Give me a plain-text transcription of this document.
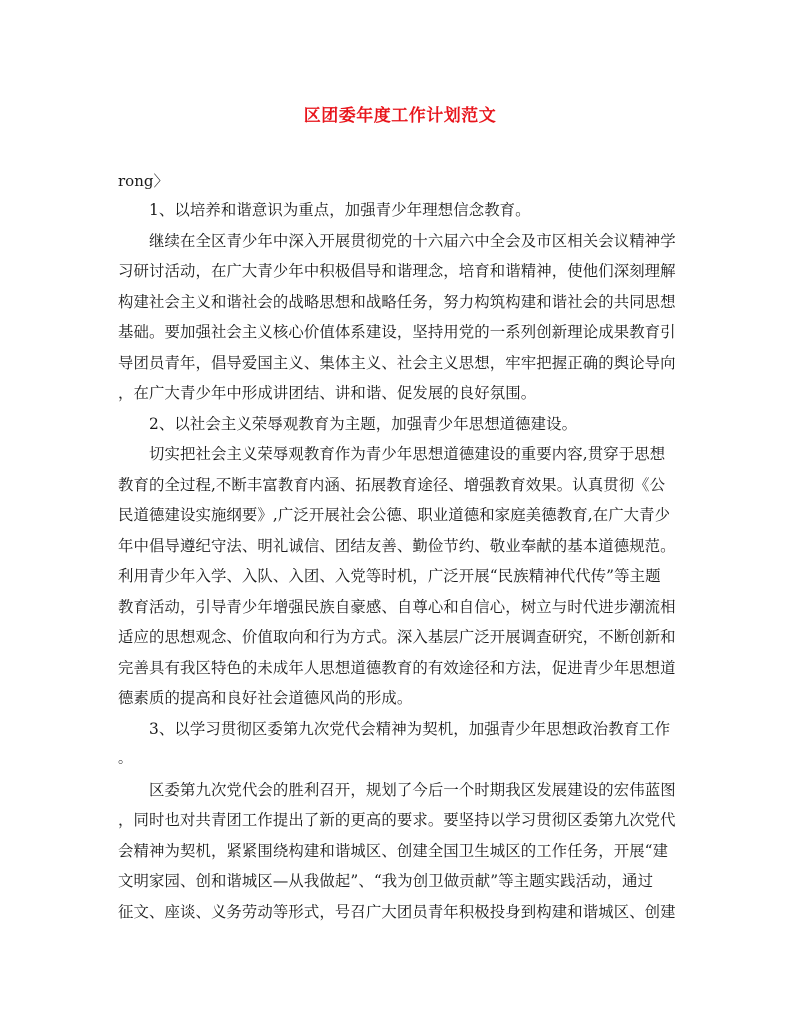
区团委年度工作计划范文
rong〉
1、以培养和谐意识为重点，加强青少年理想信念教育。
继续在全区青少年中深入开展贯彻党的十六届六中全会及市区相关会议精神学
习研讨活动，在广大青少年中积极倡导和谐理念，培育和谐精神，使他们深刻理解
构建社会主义和谐社会的战略思想和战略任务，努力构筑构建和谐社会的共同思想
基础。要加强社会主义核心价值体系建设，坚持用党的一系列创新理论成果教育引
导团员青年，倡导爱国主义、集体主义、社会主义思想，牢牢把握正确的舆论导向
，在广大青少年中形成讲团结、讲和谐、促发展的良好氛围。
2、以社会主义荣辱观教育为主题，加强青少年思想道德建设。
切实把社会主义荣辱观教育作为青少年思想道德建设的重要内容,贯穿于思想
教育的全过程,不断丰富教育内涵、拓展教育途径、增强教育效果。认真贯彻《公
民道德建设实施纲要》,广泛开展社会公德、职业道德和家庭美德教育,在广大青少
年中倡导遵纪守法、明礼诚信、团结友善、勤俭节约、敬业奉献的基本道德规范。
利用青少年入学、入队、入团、入党等时机，广泛开展“民族精神代代传”等主题
教育活动，引导青少年增强民族自豪感、自尊心和自信心，树立与时代进步潮流相
适应的思想观念、价值取向和行为方式。深入基层广泛开展调查研究，不断创新和
完善具有我区特色的未成年人思想道德教育的有效途径和方法，促进青少年思想道
德素质的提高和良好社会道德风尚的形成。
3、以学习贯彻区委第九次党代会精神为契机，加强青少年思想政治教育工作
。
区委第九次党代会的胜利召开，规划了今后一个时期我区发展建设的宏伟蓝图
，同时也对共青团工作提出了新的更高的要求。要坚持以学习贯彻区委第九次党代
会精神为契机，紧紧围绕构建和谐城区、创建全国卫生城区的工作任务，开展“建
文明家园、创和谐城区—从我做起”、“我为创卫做贡献”等主题实践活动，通过
征文、座谈、义务劳动等形式，号召广大团员青年积极投身到构建和谐城区、创建
